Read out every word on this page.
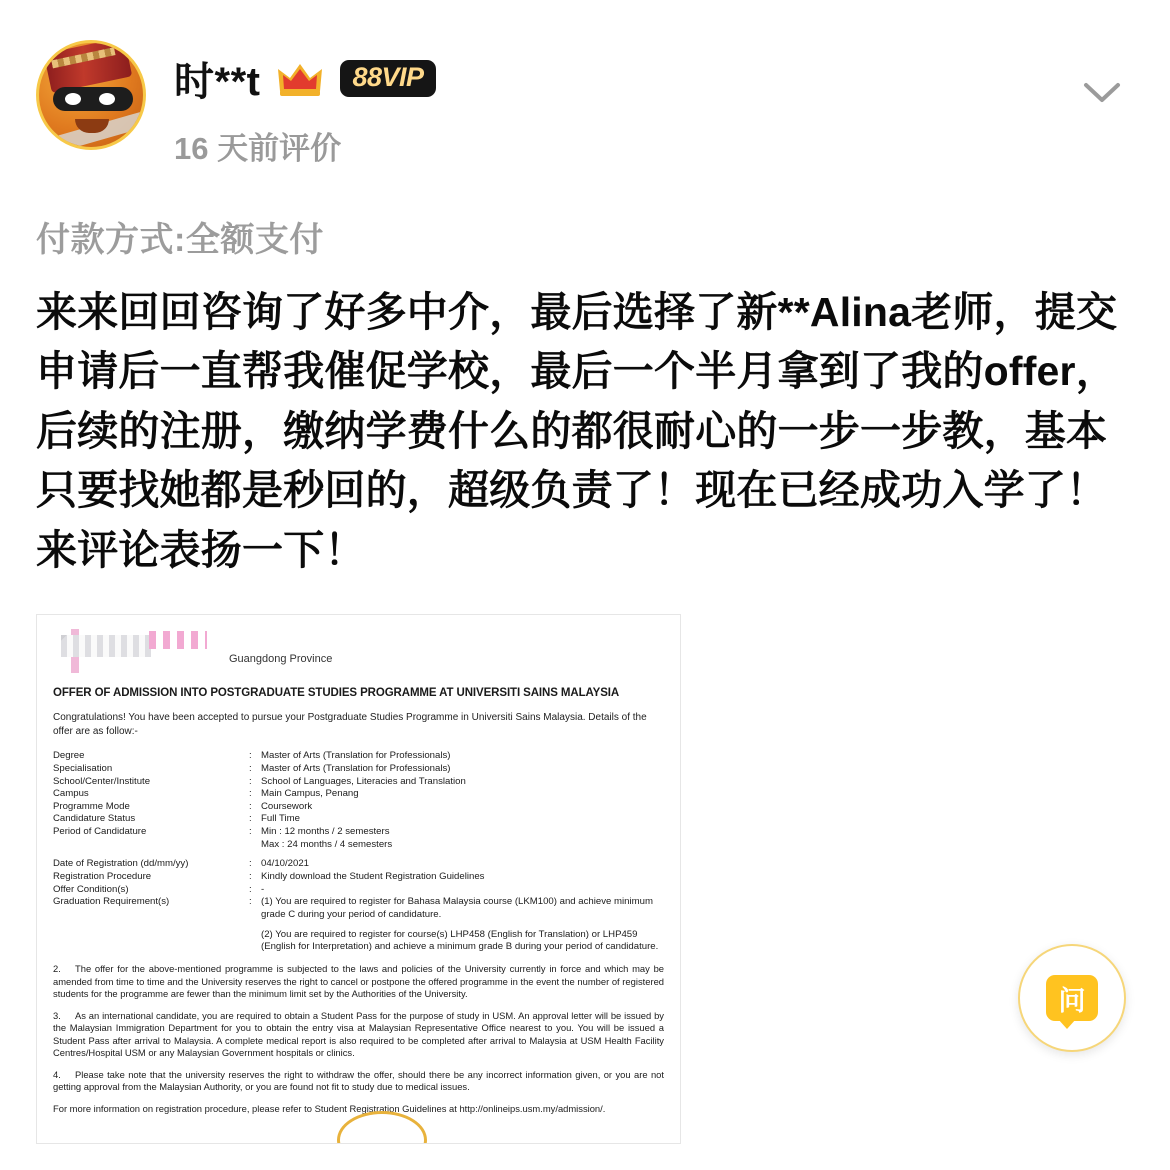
时**t	88VIP
16 天前评价
付款方式:全额支付
来来回回咨询了好多中介，最后选择了新**Alina老师，提交申请后一直帮我催促学校，最后一个半月拿到了我的offer，后续的注册，缴纳学费什么的都很耐心的一步一步教，基本只要找她都是秒回的，超级负责了！现在已经成功入学了！来评论表扬一下！
Guangdong Province
OFFER OF ADMISSION INTO POSTGRADUATE STUDIES PROGRAMME AT UNIVERSITI SAINS MALAYSIA
Congratulations! You have been accepted to pursue your Postgraduate Studies Programme in Universiti Sains Malaysia. Details of the offer are as follow:-
Degree	: Master of Arts (Translation for Professionals)
Specialisation	: Master of Arts (Translation for Professionals)
School/Center/Institute	: School of Languages, Literacies and Translation
Campus	: Main Campus, Penang
Programme Mode	: Coursework
Candidature Status	: Full Time
Period of Candidature	: Min : 12 months / 2 semesters
Max : 24 months / 4 semesters
Date of Registration (dd/mm/yy)	: 04/10/2021
Registration Procedure	: Kindly download the Student Registration Guidelines
Offer Condition(s)	: -
Graduation Requirement(s)	: (1) You are required to register for Bahasa Malaysia course (LKM100) and achieve minimum grade C during your period of candidature.
(2) You are required to register for course(s) LHP458 (English for Translation) or LHP459 (English for Interpretation) and achieve a minimum grade B during your period of candidature.
2. The offer for the above-mentioned programme is subjected to the laws and policies of the University currently in force and which may be amended from time to time and the University reserves the right to cancel or postpone the offered programme in the event the number of registered students for the programme are fewer than the minimum limit set by the Authorities of the University.
3. As an international candidate, you are required to obtain a Student Pass for the purpose of study in USM. An approval letter will be issued by the Malaysian Immigration Department for you to obtain the entry visa at Malaysian Representative Office nearest to you. You will be issued a Student Pass after arrival to Malaysia. A complete medical report is also required to be completed after arrival to Malaysia at USM Health Facility Centres/Hospital USM or any Malaysian Government hospitals or clinics.
4. Please take note that the university reserves the right to withdraw the offer, should there be any incorrect information given, or you are not getting approval from the Malaysian Authority, or you are found not fit to study due to medical issues.
For more information on registration procedure, please refer to Student Registration Guidelines at http://onlineips.usm.my/admission/.

问
